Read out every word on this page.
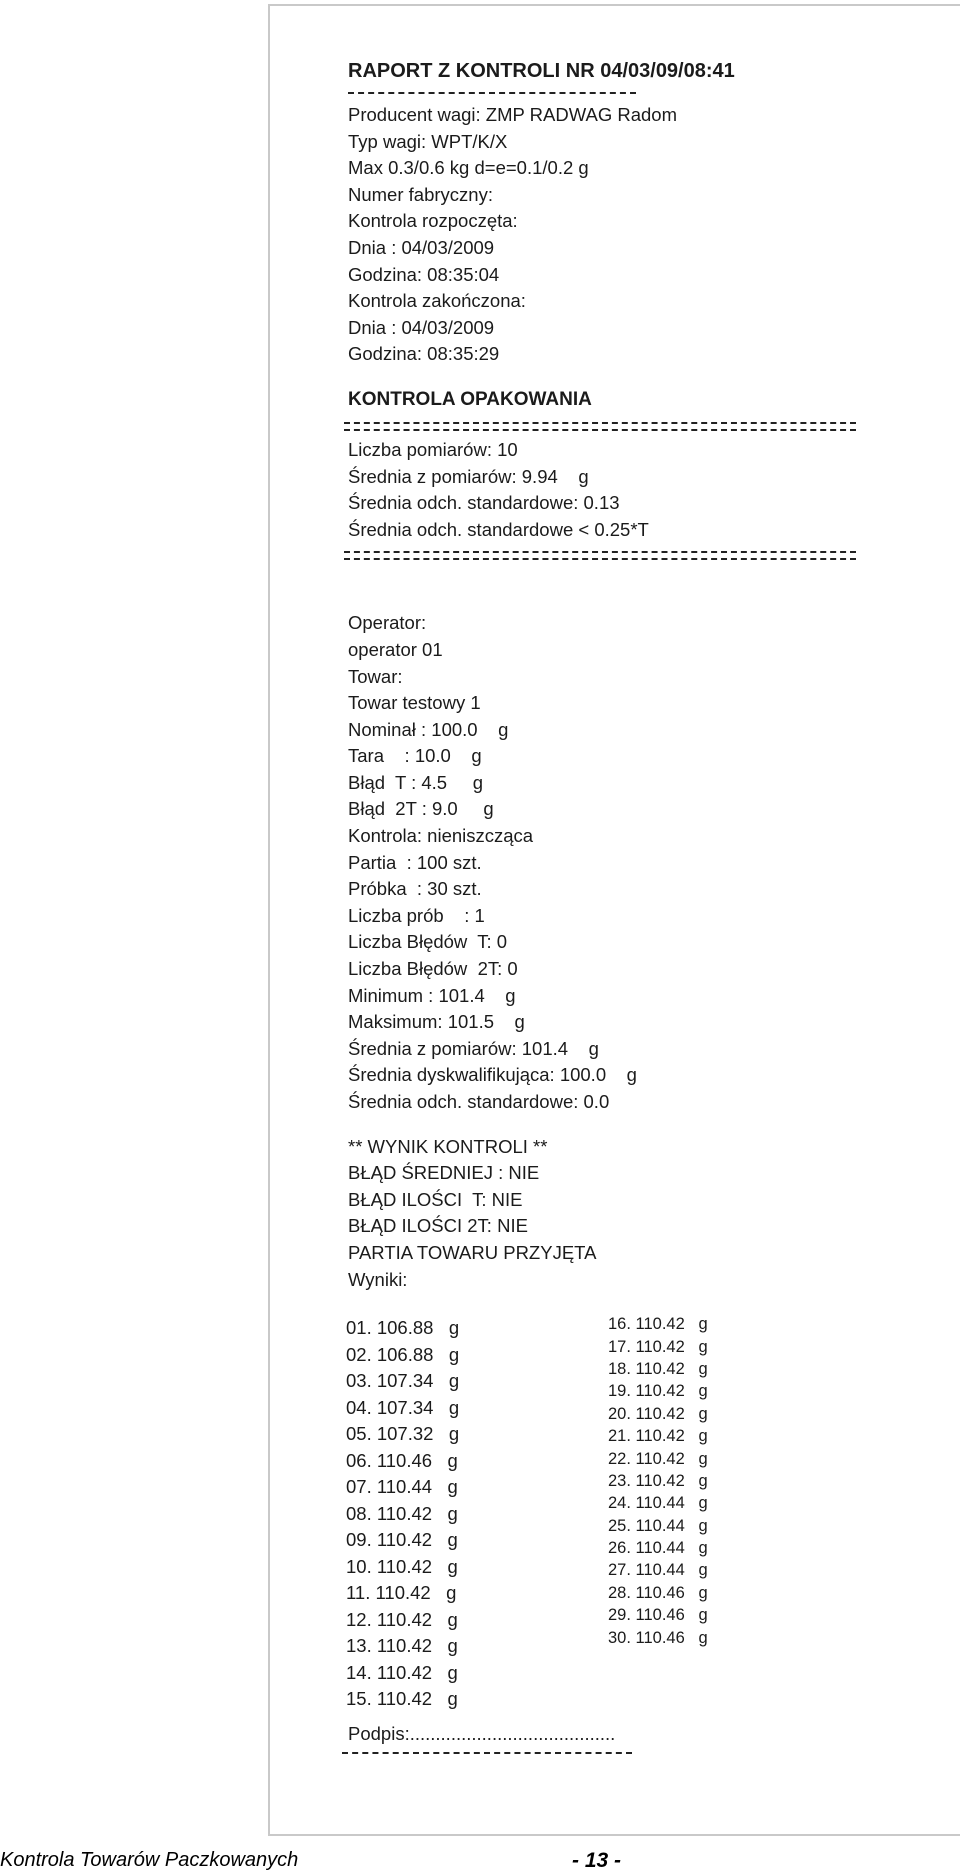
RAPORT Z KONTROLI NR 04/03/09/08:41
Producent wagi: ZMP RADWAG Radom
Typ wagi: WPT/K/X
Max 0.3/0.6 kg d=e=0.1/0.2 g
Numer fabryczny:
Kontrola rozpoczęta:
Dnia : 04/03/2009
Godzina: 08:35:04
Kontrola zakończona:
Dnia : 04/03/2009
Godzina: 08:35:29
KONTROLA OPAKOWANIA
Liczba pomiarów: 10
Średnia z pomiarów: 9.94    g
Średnia odch. standardowe: 0.13
Średnia odch. standardowe < 0.25*T
Operator:
operator 01
Towar:
Towar testowy 1
Nominał : 100.0    g
Tara    : 10.0    g
Błąd  T : 4.5     g
Błąd  2T : 9.0     g
Kontrola: nieniszcząca
Partia  : 100 szt.
Próbka  : 30 szt.
Liczba prób    : 1
Liczba Błędów  T: 0
Liczba Błędów  2T: 0
Minimum : 101.4    g
Maksimum: 101.5    g
Średnia z pomiarów: 101.4    g
Średnia dyskwalifikująca: 100.0    g
Średnia odch. standardowe: 0.0
** WYNIK KONTROLI **
BŁĄD ŚREDNIEJ : NIE
BŁĄD ILOŚCI  T: NIE
BŁĄD ILOŚCI 2T: NIE
PARTIA TOWARU PRZYJĘTA
Wyniki:
01. 106.88   g
02. 106.88   g
03. 107.34   g
04. 107.34   g
05. 107.32   g
06. 110.46   g
07. 110.44   g
08. 110.42   g
09. 110.42   g
10. 110.42   g
11. 110.42   g
12. 110.42   g
13. 110.42   g
14. 110.42   g
15. 110.42   g
16. 110.42   g
17. 110.42   g
18. 110.42   g
19. 110.42   g
20. 110.42   g
21. 110.42   g
22. 110.42   g
23. 110.42   g
24. 110.44   g
25. 110.44   g
26. 110.44   g
27. 110.44   g
28. 110.46   g
29. 110.46   g
30. 110.46   g
Podpis:........................................
Kontrola Towarów Paczkowanych	- 13 -
